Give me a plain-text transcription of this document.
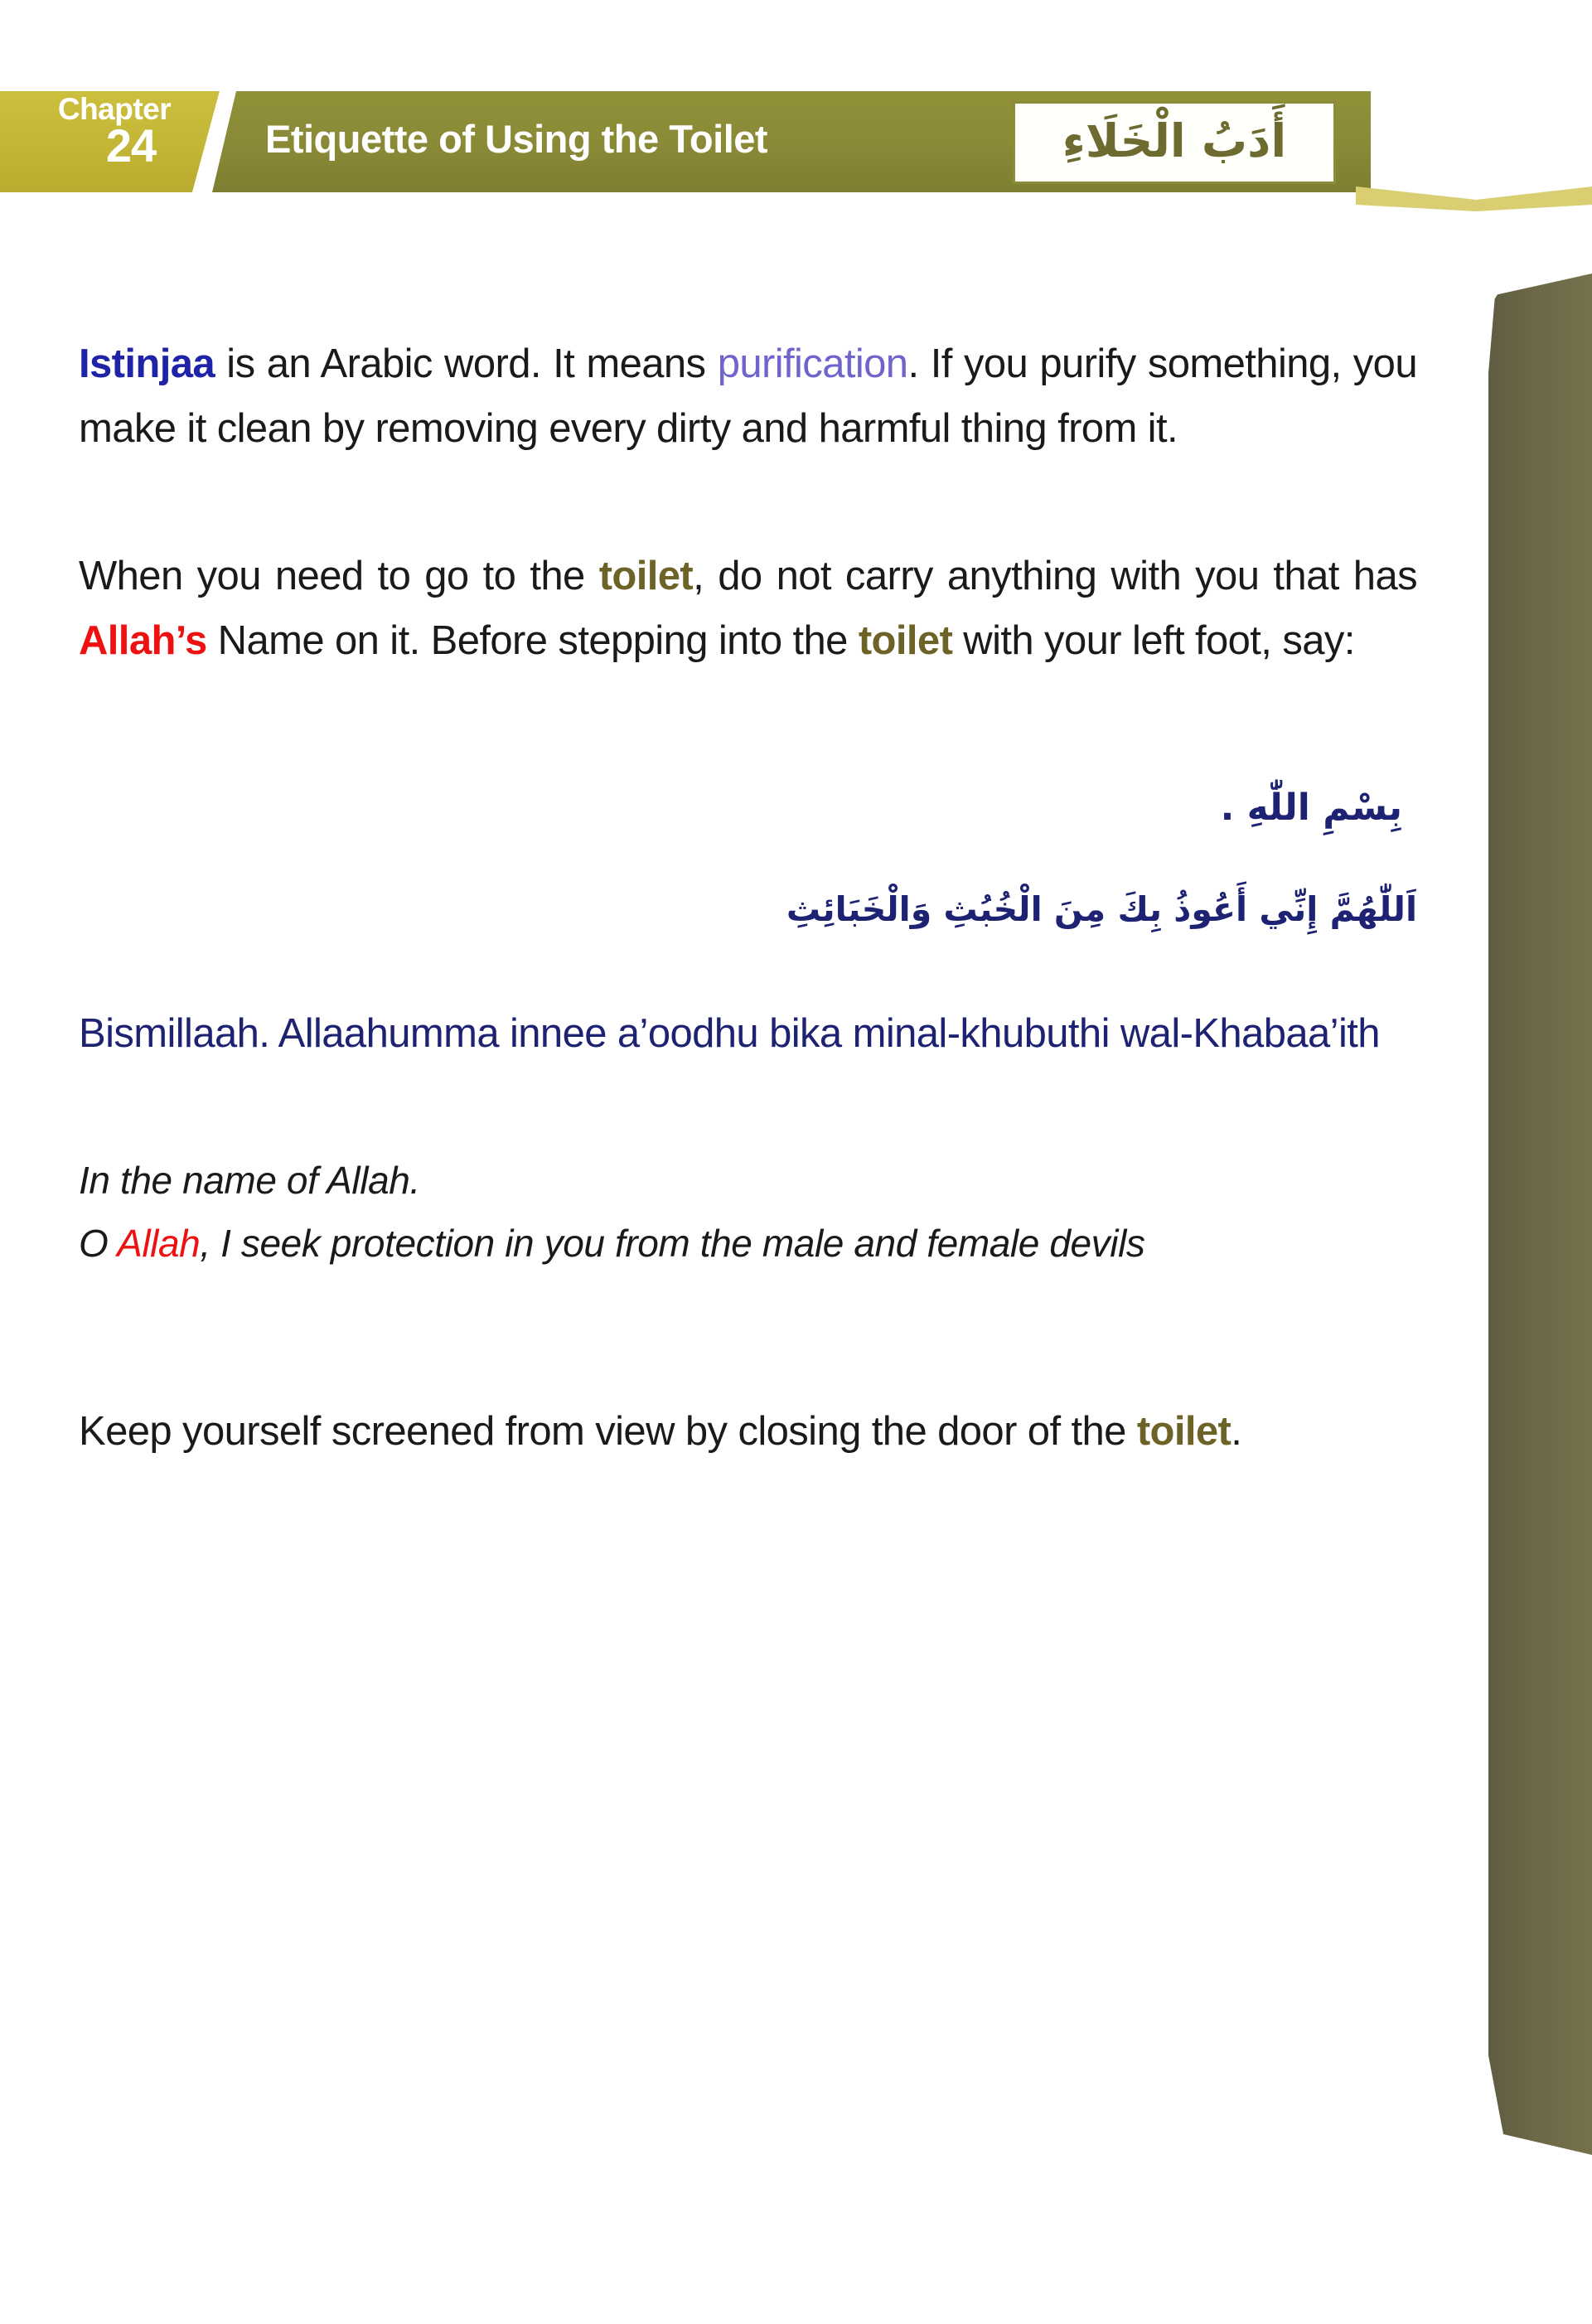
Chapter
24	Etiquette of Using the Toilet	أَدَبُ الْخَلَاءِ	Page	123

Istinjaa is an Arabic word. It means purification. If you purify something, you make it clean by removing every dirty and harmful thing from it.

When you need to go to the toilet, do not carry anything with you that has Allah’s Name on it. Before stepping into the toilet with your left foot, say:

بِسْمِ اللّٰهِ .

اَللّٰهُمَّ إِنِّي أَعُوذُ بِكَ مِنَ الْخُبُثِ وَالْخَبَائِثِ

Bismillaah. Allaahumma innee a’oodhu bika minal-khubuthi wal-Khabaa’ith

In the name of Allah.

O Allah, I seek protection in you from the male and female devils

Keep yourself screened from view by closing the door of the toilet.
